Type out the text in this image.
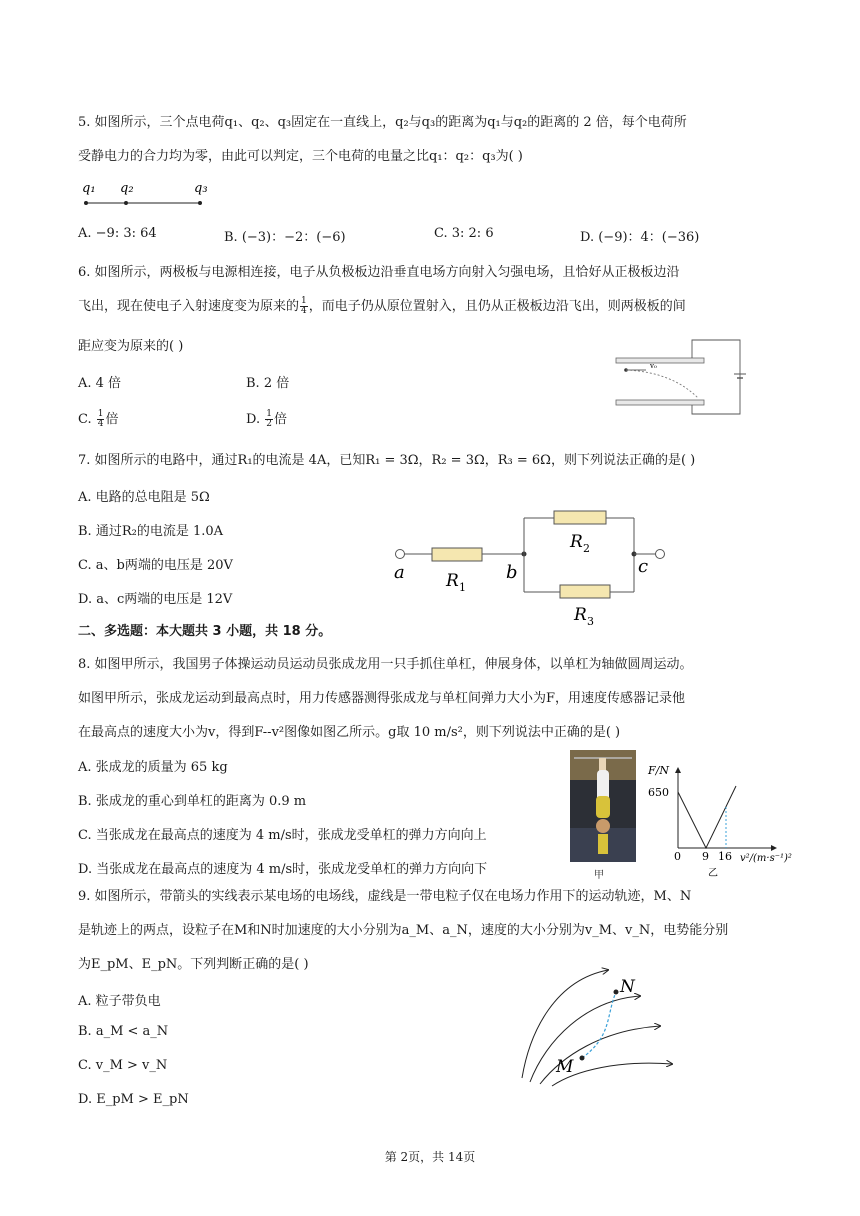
5. 如图所示，三个点电荷q₁、q₂、q₃固定在一直线上，q₂与q₃的距离为q₁与q₂的距离的 2 倍，每个电荷所

受静电力的合力均为零，由此可以判定，三个电荷的电量之比q₁：q₂：q₃为( )

q₁ q₂	q₃
A. −9: 3: 64	B. (−3)：−2：(−6)	C. 3: 2: 6	D. (−9)：4：(−36)

6. 如图所示，两极板与电源相连接，电子从负极板边沿垂直电场方向射入匀强电场，且恰好从正极板边沿

飞出，现在使电子入射速度变为原来的 $\frac{1}{4}$ ，而电子仍从原位置射入，且仍从正极板边沿飞出，则两极板的间

距应变为原来的( )

A. 4 倍	B. 2 倍
C. $\frac{1}{4}$ 倍	D. $\frac{1}{2}$ 倍
v₀

7. 如图所示的电路中，通过R₁的电流是 4A，已知R₁ = 3Ω，R₂ = 3Ω，R₃ = 6Ω，则下列说法正确的是( )

A. 电路的总电阻是 5Ω
B. 通过R₂的电流是 1.0A
C. a、b两端的电压是 20V
D. a、c两端的电压是 12V
a	b	c
R 1
R 2
R 3
二、多选题：本大题共 3 小题，共 18 分。

8. 如图甲所示，我国男子体操运动员运动员张成龙用一只手抓住单杠，伸展身体，以单杠为轴做圆周运动。

如图甲所示，张成龙运动到最高点时，用力传感器测得张成龙与单杠间弹力大小为F，用速度传感器记录他

在最高点的速度大小为v，得到F--v²图像如图乙所示。g取 10 m/s²，则下列说法中正确的是( )

A. 张成龙的质量为 65 kg
B. 张成龙的重心到单杠的距离为 0.9 m
C. 当张成龙在最高点的速度为 4 m/s时，张成龙受单杠的弹力方向向上
D. 当张成龙在最高点的速度为 4 m/s时，张成龙受单杠的弹力方向向下	甲
F/N
650
0 9 16 v²/(m·s⁻¹)²
乙

9. 如图所示，带箭头的实线表示某电场的电场线，虚线是一带电粒子仅在电场力作用下的运动轨迹，M、N

是轨迹上的两点，设粒子在M和N时加速度的大小分别为a_M、a_N，速度的大小分别为v_M、v_N，电势能分别

为E_pM、E_pN。下列判断正确的是( )

A. 粒子带负电
B. a_M < a_N
C. v_M > v_N
D. E_pM > E_pN
M
N
第 2页，共 14页
